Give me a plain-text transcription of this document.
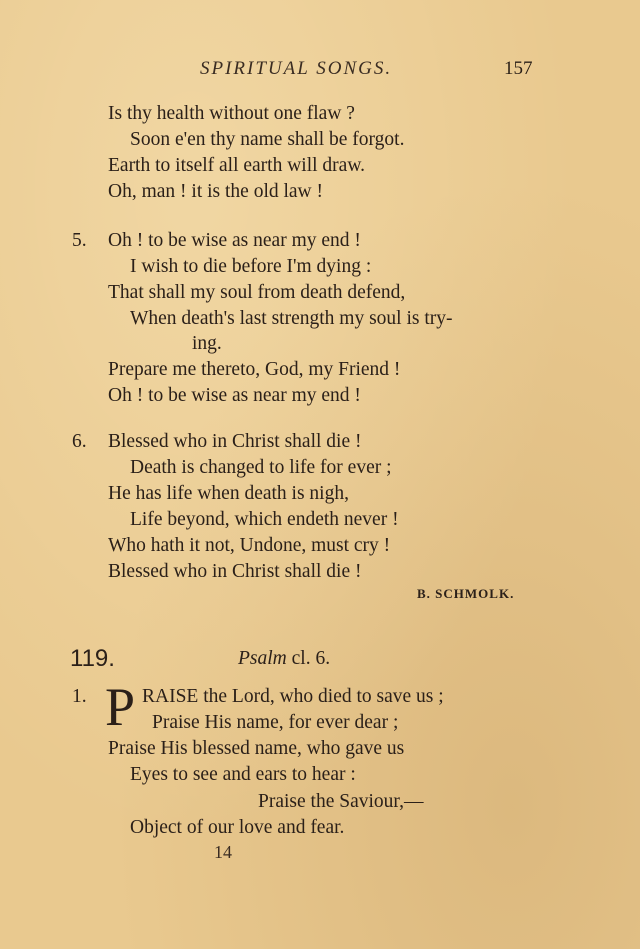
SPIRITUAL SONGS.	157
Is thy health without one flaw ?
Soon e'en thy name shall be forgot.
Earth to itself all earth will draw.
Oh, man ! it is the old law !
5. Oh ! to be wise as near my end !
I wish to die before I'm dying :
That shall my soul from death defend,
When death's last strength my soul is try-
ing.
Prepare me thereto, God, my Friend !
Oh ! to be wise as near my end !
6. Blessed who in Christ shall die !
Death is changed to life for ever ;
He has life when death is nigh,
Life beyond, which endeth never !
Who hath it not, Undone, must cry !
Blessed who in Christ shall die !
B. SCHMOLK.
119.	Psalm cl. 6.
1. P RAISE the Lord, who died to save us ;
Praise His name, for ever dear ;
Praise His blessed name, who gave us
Eyes to see and ears to hear :
Praise the Saviour,—
Object of our love and fear.
14
